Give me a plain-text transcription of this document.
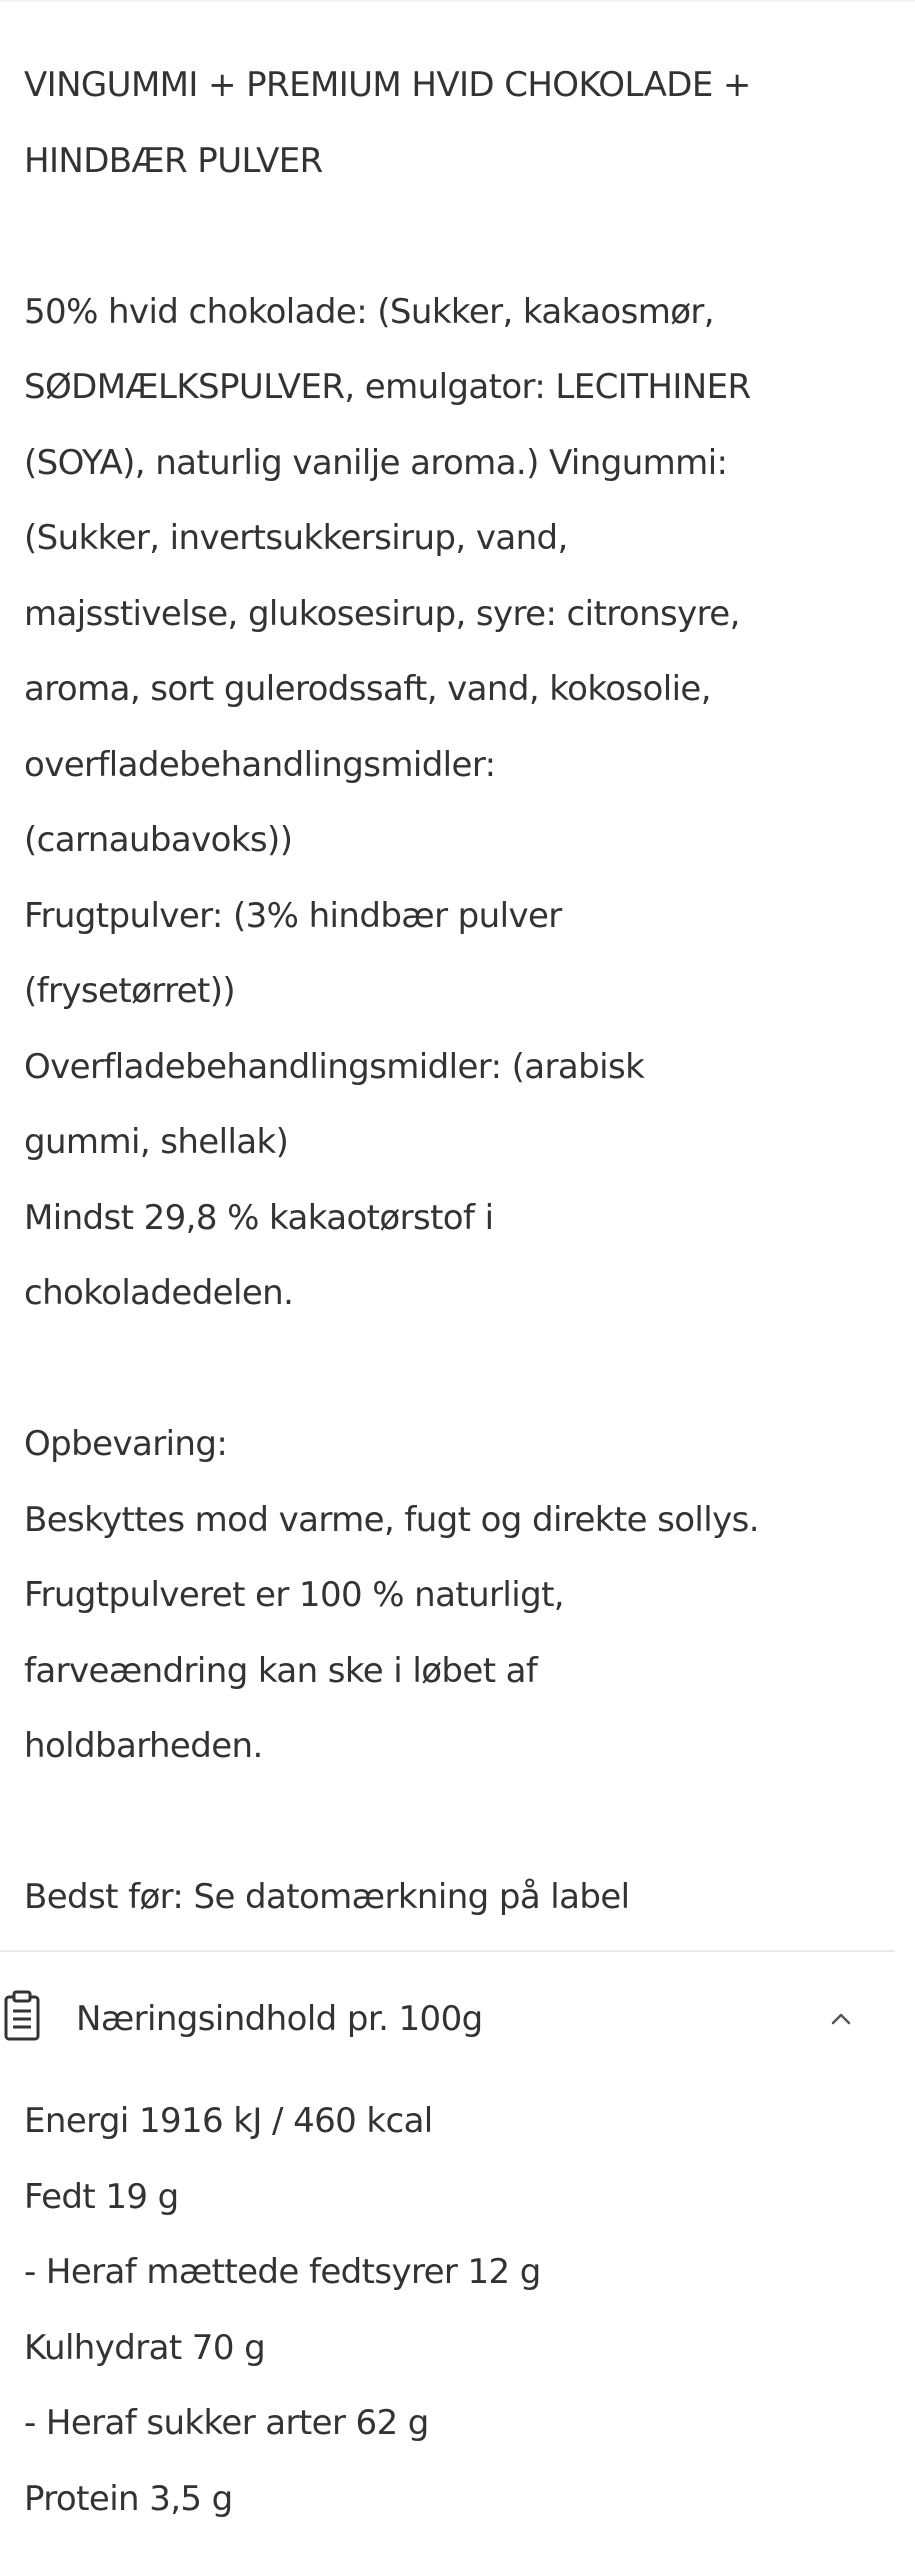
VINGUMMI + PREMIUM HVID CHOKOLADE +

HINDBÆR PULVER

50% hvid chokolade: (Sukker, kakaosmør,

SØDMÆLKSPULVER, emulgator: LECITHINER

(SOYA), naturlig vanilje aroma.) Vingummi:

(Sukker, invertsukkersirup, vand,

majsstivelse, glukosesirup, syre: citronsyre,

aroma, sort gulerodssaft, vand, kokosolie,

overfladebehandlingsmidler:

(carnaubavoks))

Frugtpulver: (3% hindbær pulver

(frysetørret))

Overfladebehandlingsmidler: (arabisk

gummi, shellak)

Mindst 29,8 % kakaotørstof i

chokoladedelen.

Opbevaring:

Beskyttes mod varme, fugt og direkte sollys.

Frugtpulveret er 100 % naturligt,

farveændring kan ske i løbet af

holdbarheden.

Bedst før: Se datomærkning på label

Næringsindhold pr. 100g

Energi 1916 kJ / 460 kcal

Fedt 19 g

- Heraf mættede fedtsyrer 12 g

Kulhydrat 70 g

- Heraf sukker arter 62 g

Protein 3,5 g
